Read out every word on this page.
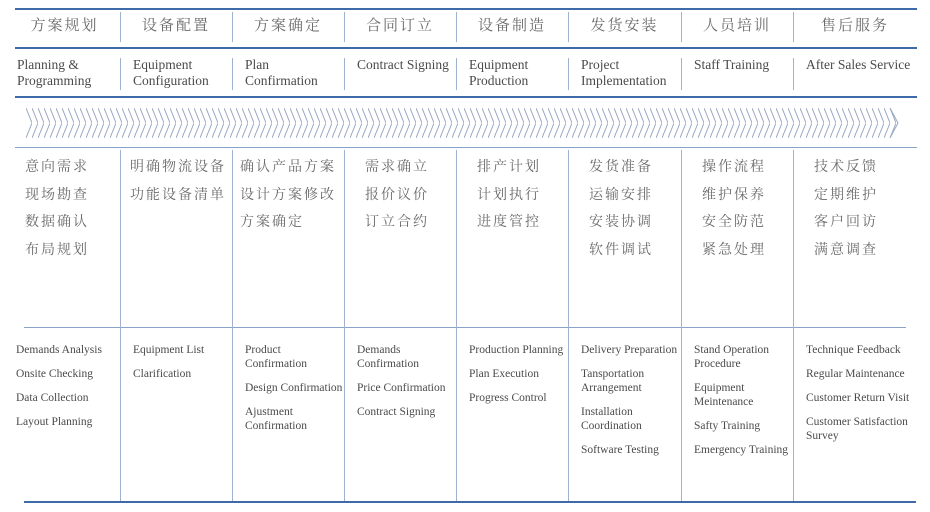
方案规划
Planning & Programming
意向需求
现场勘查
数据确认
布局规划
Demands Analysis
Onsite Checking
Data Collection
Layout Planning
设备配置
Equipment Configuration
明确物流设备
功能设备清单
Equipment List
Clarification
方案确定
Plan Confirmation
确认产品方案
设计方案修改
方案确定
Product Confirmation
Design Confirmation
Ajustment Confirmation
合同订立
Contract Signing
需求确立
报价议价
订立合约
Demands Confirmation
Price Confirmation
Contract Signing
设备制造
Equipment Production
排产计划
计划执行
进度管控
Production Planning
Plan Execution
Progress Control
发货安装
Project Implementation
发货准备
运输安排
安装协调
软件调试
Delivery Preparation
Tansportation Arrangement
Installation Coordination
Software Testing
人员培训
Staff Training
操作流程
维护保养
安全防范
紧急处理
Stand Operation Procedure
Equipment Meintenance
Safty Training
Emergency Training
售后服务
After Sales Service
技术反馈
定期维护
客户回访
满意调查
Technique Feedback
Regular Maintenance
Customer Return Visit
Customer Satisfaction Survey
